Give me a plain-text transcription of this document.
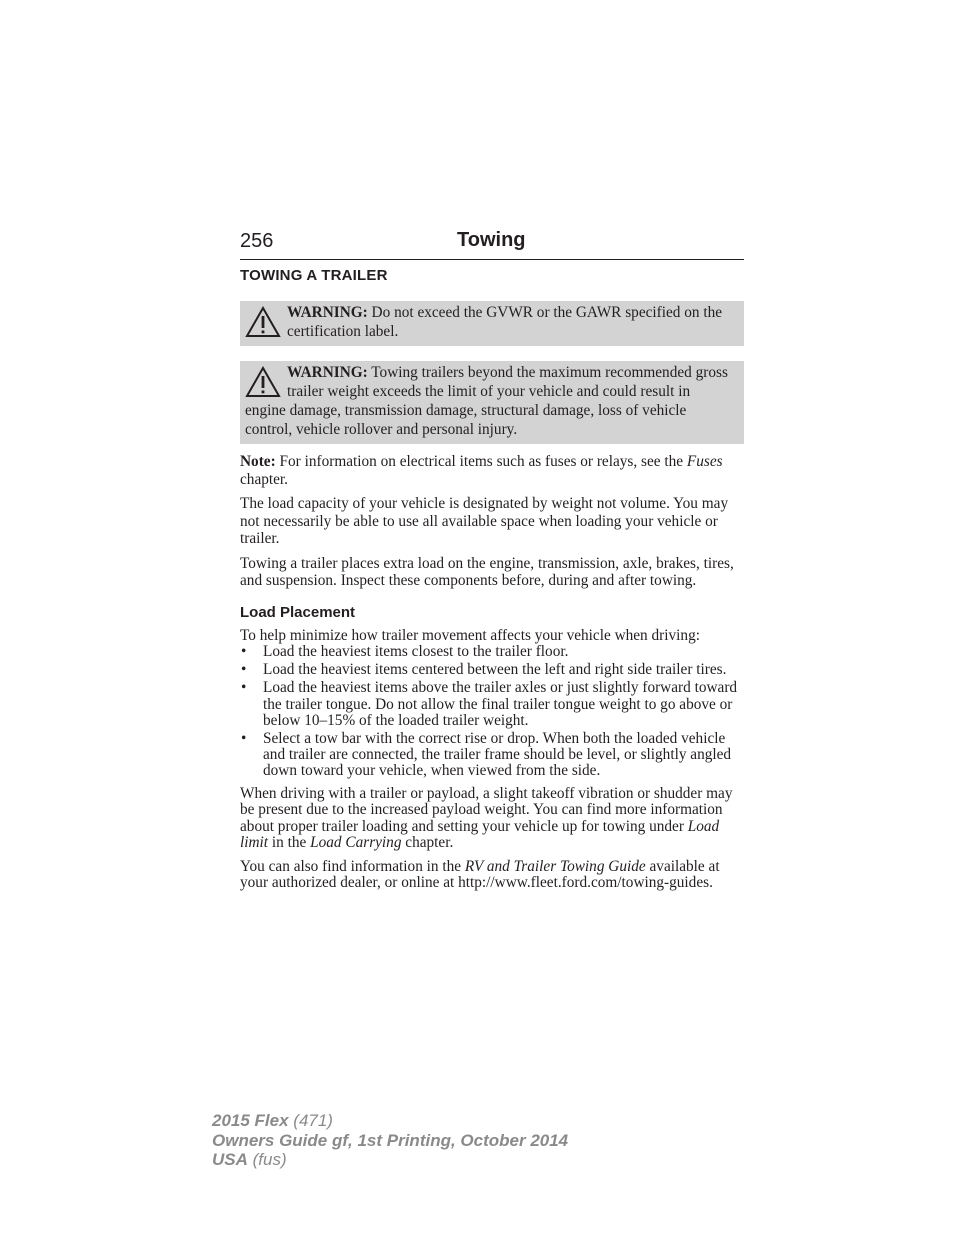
256	Towing
TOWING A TRAILER
WARNING: Do not exceed the GVWR or the GAWR specified on the certification label.
WARNING: Towing trailers beyond the maximum recommended gross trailer weight exceeds the limit of your vehicle and could result in engine damage, transmission damage, structural damage, loss of vehicle control, vehicle rollover and personal injury.

Note: For information on electrical items such as fuses or relays, see the Fuses chapter.

The load capacity of your vehicle is designated by weight not volume. You may not necessarily be able to use all available space when loading your vehicle or trailer.

Towing a trailer places extra load on the engine, transmission, axle, brakes, tires, and suspension. Inspect these components before, during and after towing.

Load Placement

To help minimize how trailer movement affects your vehicle when driving:

• Load the heaviest items closest to the trailer floor.
• Load the heaviest items centered between the left and right side trailer tires.
• Load the heaviest items above the trailer axles or just slightly forward toward the trailer tongue. Do not allow the final trailer tongue weight to go above or below 10–15% of the loaded trailer weight.
• Select a tow bar with the correct rise or drop. When both the loaded vehicle and trailer are connected, the trailer frame should be level, or slightly angled down toward your vehicle, when viewed from the side.

When driving with a trailer or payload, a slight takeoff vibration or shudder may be present due to the increased payload weight. You can find more information about proper trailer loading and setting your vehicle up for towing under Load limit in the Load Carrying chapter.

You can also find information in the RV and Trailer Towing Guide available at your authorized dealer, or online at http://www.fleet.ford.com/towing-guides.

2015 Flex (471)
Owners Guide gf, 1st Printing, October 2014
USA (fus)
